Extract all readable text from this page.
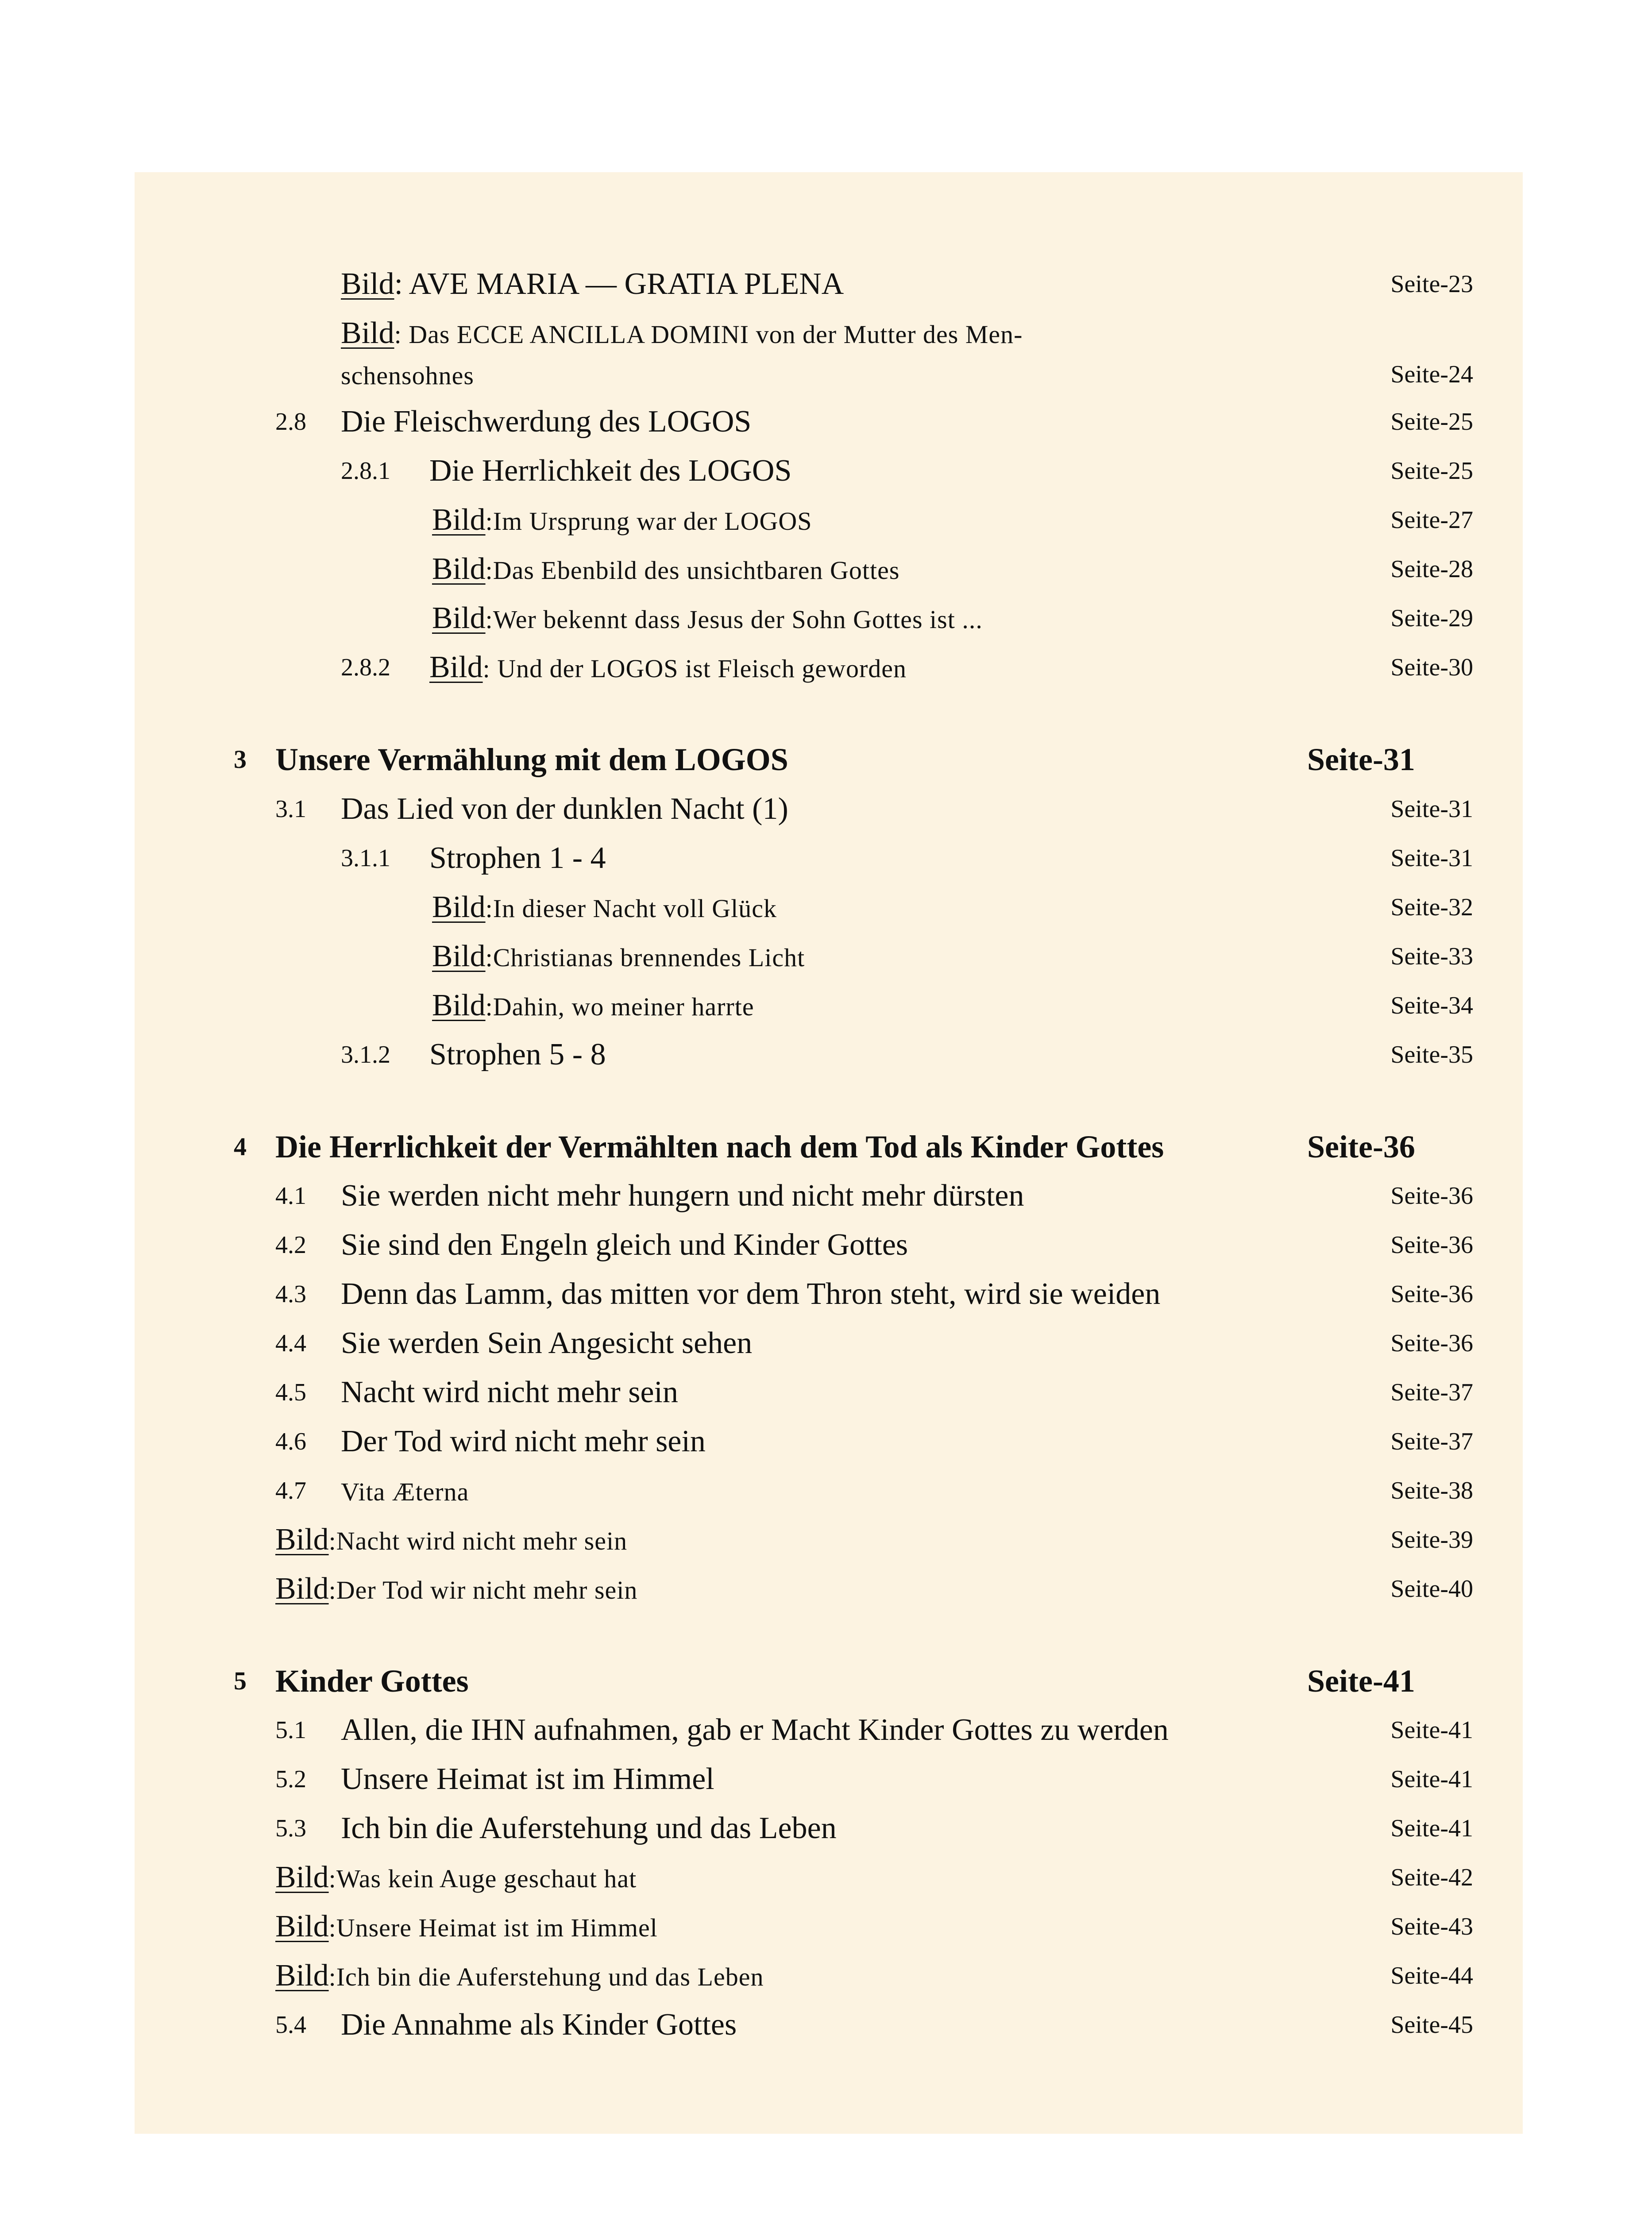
Bild: AVE MARIA — GRATIA PLENA . . .	Seite-23
Bild: Das ECCE ANCILLA DOMINI von der Mutter des Men-
schensohnes . . .	Seite-24
2.8 Die Fleischwerdung des LOGOS . . .	Seite-25
2.8.1 Die Herrlichkeit des LOGOS . . .	Seite-25
Bild:Im Ursprung war der LOGOS . . .	Seite-27
Bild:Das Ebenbild des unsichtbaren Gottes . . .	Seite-28
Bild:Wer bekennt dass Jesus der Sohn Gottes ist ... . . .	Seite-29
2.8.2 Bild: Und der LOGOS ist Fleisch geworden . . .	Seite-30
3 Unsere Vermählung mit dem LOGOS	Seite-31
3.1 Das Lied von der dunklen Nacht (1) . . .	Seite-31
3.1.1 Strophen 1 - 4 . . .	Seite-31
Bild:In dieser Nacht voll Glück . . .	Seite-32
Bild:Christianas brennendes Licht . . .	Seite-33
Bild:Dahin, wo meiner harrte . . .	Seite-34
3.1.2 Strophen 5 - 8 . . .	Seite-35
4 Die Herrlichkeit der Vermählten nach dem Tod als Kinder Gottes	Seite-36
4.1 Sie werden nicht mehr hungern und nicht mehr dürsten . . .	Seite-36
4.2 Sie sind den Engeln gleich und Kinder Gottes . . .	Seite-36
4.3 Denn das Lamm, das mitten vor dem Thron steht, wird sie weiden . . .	Seite-36
4.4 Sie werden Sein Angesicht sehen . . .	Seite-36
4.5 Nacht wird nicht mehr sein . . .	Seite-37
4.6 Der Tod wird nicht mehr sein . . .	Seite-37
4.7 Vita Æterna . . .	Seite-38
Bild:Nacht wird nicht mehr sein . . .	Seite-39
Bild:Der Tod wir nicht mehr sein . . .	Seite-40
5 Kinder Gottes	Seite-41
5.1 Allen, die IHN aufnahmen, gab er Macht Kinder Gottes zu werden . . .	Seite-41
5.2 Unsere Heimat ist im Himmel . . .	Seite-41
5.3 Ich bin die Auferstehung und das Leben . . .	Seite-41
Bild:Was kein Auge geschaut hat . . .	Seite-42
Bild:Unsere Heimat ist im Himmel . . .	Seite-43
Bild:Ich bin die Auferstehung und das Leben . . .	Seite-44
5.4 Die Annahme als Kinder Gottes . . .	Seite-45
